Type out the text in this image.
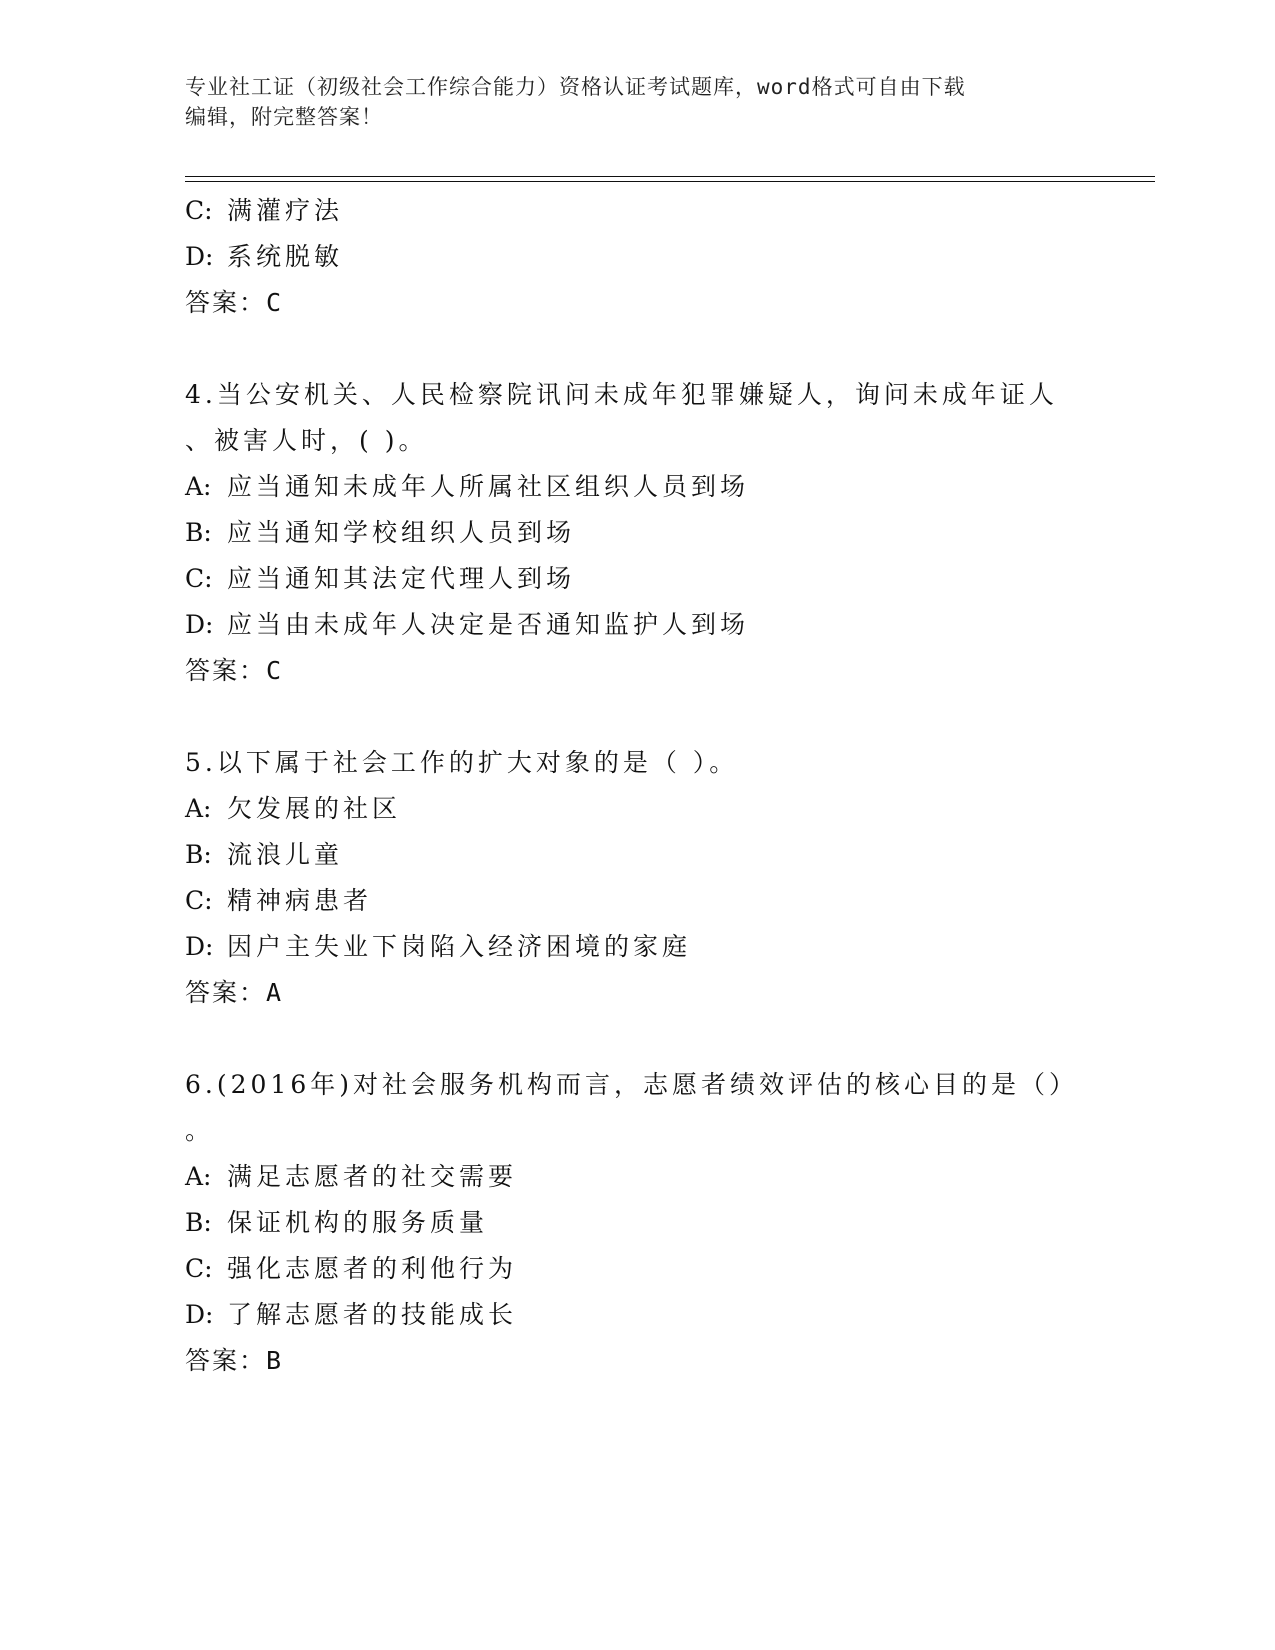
专业社工证（初级社会工作综合能力）资格认证考试题库，word格式可自由下载
编辑，附完整答案！
C: 满灌疗法
D: 系统脱敏
答案：C
4.当公安机关、人民检察院讯问未成年犯罪嫌疑人，询问未成年证人
、被害人时，( )。
A: 应当通知未成年人所属社区组织人员到场
B: 应当通知学校组织人员到场
C: 应当通知其法定代理人到场
D: 应当由未成年人决定是否通知监护人到场
答案：C
5.以下属于社会工作的扩大对象的是（ ）。
A: 欠发展的社区
B: 流浪儿童
C: 精神病患者
D: 因户主失业下岗陷入经济困境的家庭
答案：A
6.(2016年)对社会服务机构而言，志愿者绩效评估的核心目的是（）
。
A: 满足志愿者的社交需要
B: 保证机构的服务质量
C: 强化志愿者的利他行为
D: 了解志愿者的技能成长
答案：B
